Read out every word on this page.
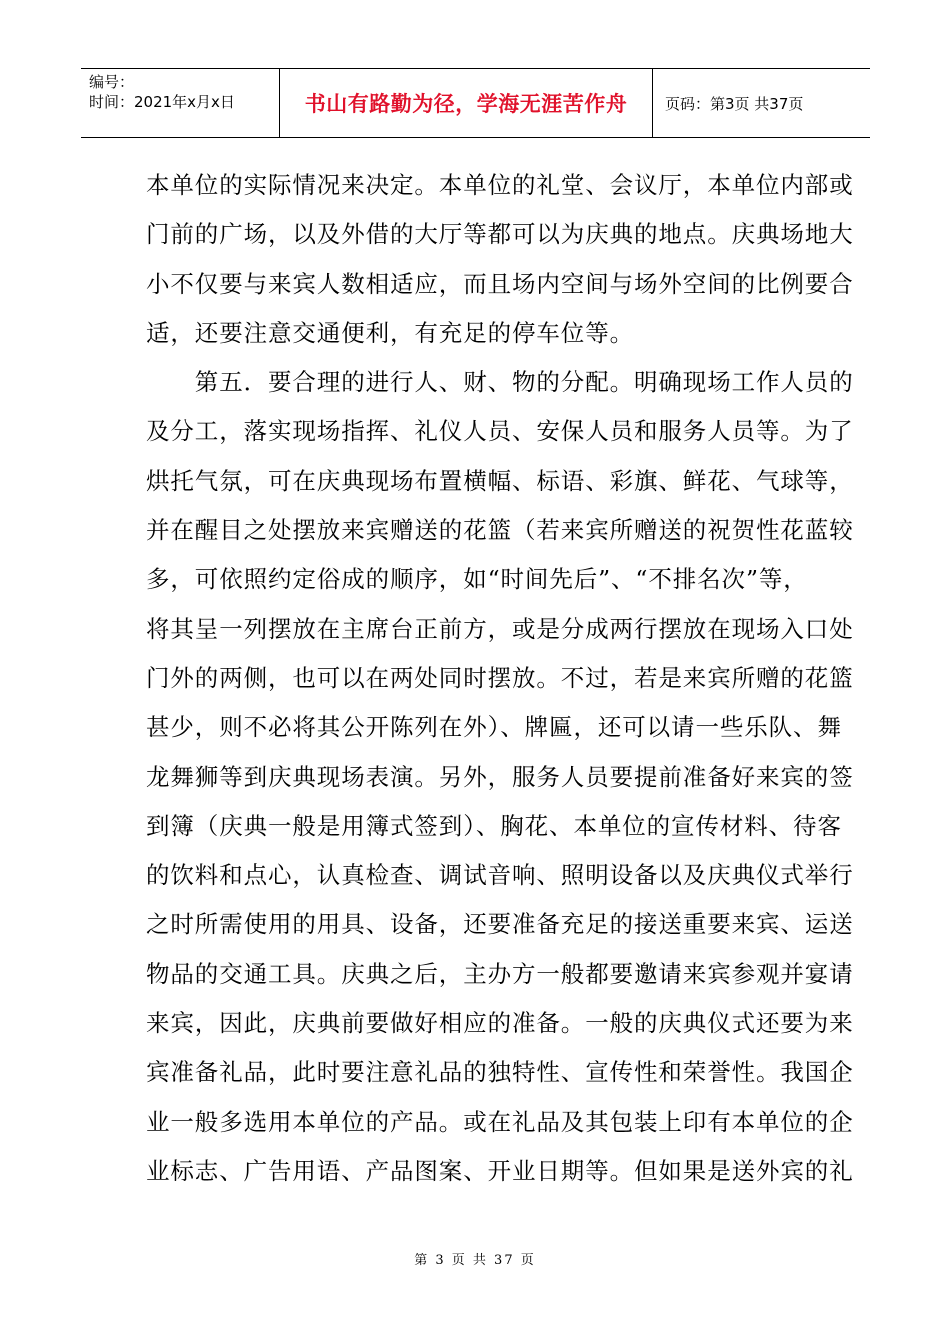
编号：
时间：2021年x月x日	书山有路勤为径，学海无涯苦作舟	页码：第3页 共37页
本单位的实际情况来决定。本单位的礼堂、会议厅，本单位内部或
门前的广场，以及外借的大厅等都可以为庆典的地点。庆典场地大
小不仅要与来宾人数相适应，而且场内空间与场外空间的比例要合
适，还要注意交通便利，有充足的停车位等。
　　第五．要合理的进行人、财、物的分配。明确现场工作人员的
及分工，落实现场指挥、礼仪人员、安保人员和服务人员等。为了
烘托气氛，可在庆典现场布置横幅、标语、彩旗、鲜花、气球等，
并在醒目之处摆放来宾赠送的花篮（若来宾所赠送的祝贺性花蓝较
多，可依照约定俗成的顺序，如“时间先后”、“不排名次”等，
将其呈一列摆放在主席台正前方，或是分成两行摆放在现场入口处
门外的两侧，也可以在两处同时摆放。不过，若是来宾所赠的花篮
甚少，则不必将其公开陈列在外）、牌匾，还可以请一些乐队、舞
龙舞狮等到庆典现场表演。另外，服务人员要提前准备好来宾的签
到簿（庆典一般是用簿式签到）、胸花、本单位的宣传材料、待客
的饮料和点心，认真检查、调试音响、照明设备以及庆典仪式举行
之时所需使用的用具、设备，还要准备充足的接送重要来宾、运送
物品的交通工具。庆典之后，主办方一般都要邀请来宾参观并宴请
来宾，因此，庆典前要做好相应的准备。一般的庆典仪式还要为来
宾准备礼品，此时要注意礼品的独特性、宣传性和荣誉性。我国企
业一般多选用本单位的产品。或在礼品及其包装上印有本单位的企
业标志、广告用语、产品图案、开业日期等。但如果是送外宾的礼
第 3 页 共 37 页
